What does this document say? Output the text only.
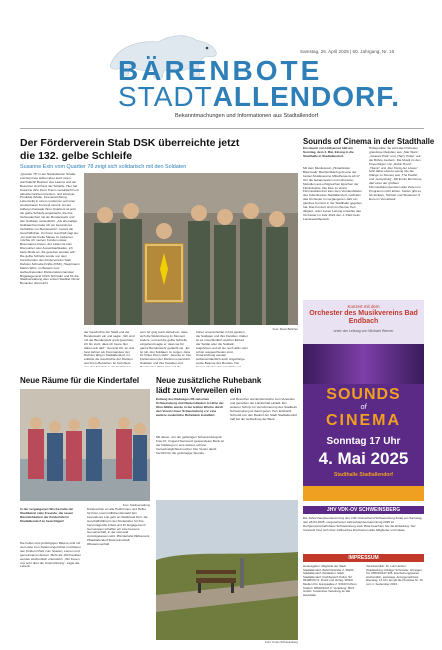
Samstag, 26. April 2025 | 60. Jahrgang, Nr. 16
BÄRENBOTE
STADTALLENDORF.
Bekanntmachungen und Informationen aus Stadtallendorf
Der Förderverein Stab DSK überreichte jetzt
die 132. gelbe Schleife
Susanne Exin vom Quartier 78 zeigt sich solidarisch mit den Soldaten
„Quartier 78“ in der Niederkleiner Straße erscheint wie außen aber auch innen, durchdacht! Besitzer des Ladens und der Besucher sind Fans der Schleife. Hier hat Susanne Zinn ihren Traum verwirklicht und aktuelle Fashion-Interieur- und Lifestyle-Produkte (Mode, Inneneinrichtung, Lebensstil) in einem modernen auf einer wunderbaren Konzept vereint. An der äußeren Fassade ihres Quartiers ist jetzt die gelbe Schleife angebracht, die ihre Verbundenheit mit der Bundeswehr und den Soldaten verdeutlicht. „Als ehemalige Soldatenfrau habe ich ein besonderes Verhältnis zur Bundeswehr“, betont die Geschäftsfrau. Zu ihrem Geschäft sagt sie: „An statt die breite Masse zu bedienen, möchte ich meinen Kunden etwas Besonderes bieten, der Laden ist kein Discounter oder Ausverkaufsladen, ich biete Mode an, die gesehen werden will.“ Die gelbe Schleife wurde von dem Vorsitzenden des Fördervereins Stab Division Schnelle Kräfte (DSK), Hauptmann Martin Würz, im Beisein vom stellvertretenden Divisionskommandeur Brigadegeneral Ulrich Schröder und für die Stadtverwaltung dem ersten Stadtrat Otmar Bonacker überreicht.
Foto: Klaus Böttcher
der Geschichte der Stadt und der Bundeswehr ein und sagte: „Wir sind mit der Bundeswehr groß geworden, ich bin stolz, dass ich heute hier dabei sein darf.“ General Olt, an und best Jahren als Kommandeur der Division tätig in Stadtallendorf, ist, erklärte die Geschichte der Division seit ihrem Bestehen. Er berichtete
sein. Er ging auch darauf ein, dass sich die Weltordnung im Moment ändere, und auf die gelbe Schleife eingehend sagte er, dass sie für ganze Bundeswehr gedacht sei. „Es ist toll, den Soldaten zu zeigen, dass ihr hinter ihnen steht“, betonte er. Der Förderverein der Division unterstützt Soldaten und ihre Familien und
hörter unverschuldet in Not geraten, die Soldaten und ihre Familien. Dabei ist es unverbindlich welcher Einheit der Soldat oder die Soldatin angehören und ob sie noch aktiv oder schon ausgeschieden sind. Unterstützung werden selbstverständlich auch Angehörige sowie Beamte des Bundes. Der
Sounds of Cinema in der Stadthalle
Ein Hauch von Hollywood hält am Sonntag, dem 4. Mai, Einzug in die Stadthalle in Stadtallendorf.
Mit dem Musikverein „Hinterländer Blasmusik“ Bad Endbach geht eine der besten Musikvereine Mittelhessens ab 17 Uhr die bekanntesten und schönsten Melodien aus erfolgreichen Epochen der Filmindustrie. Die Idee zu einem Filmmusikkonzert kam dem Vorstandsleiter des Kulturkreises Stadtallendorf, nachdem das Orchester im vergangenen Jahr ein gleiches Konzert in der Stadthalle gegeben hat. Das Konzert wird von Werner Keil dirigiert, unter seiner Leitung erreichte das Orchester im Jahr 2024 den 1. Platz beim Landeswettbewerb.
Höhepunkte. So wird das Orchester grandiose Melodien aus „Star Wars“, „Jurassic Park“ und „Harry Potter“ auf die Bühne zaubern. Die Musik zu den Kinoerfolgen von „Robin Hood“, „Titanic“ und „Der König der Löwen“ fehlt dabei ebenso wenig wie die Klänge zu Szenen aus „The Pacific“ und „Gettysburg“. Mit Ennio Morricone darf einer der größten Filmmusikkomponisten aller Zeiten im Programm nicht fehlen. Karten gibt es ab 19 Euro, Schüler und Studenten 9 Euro im Vorverkauf.
Konzert mit dem
Orchester des Musikvereins Bad Endbach
unter der Leitung von Michael Werner
SOUNDS
of
CINEMA
Sonntag 17 Uhr
4. Mai 2025
Stadthalle Stadtallendorf
Neue Räume für die Kindertafel
Foto: Stadtverwaltung
In der vergangenen Woche hatte der Stadtbeirat viele Freunde, die neuen Räumlichkeiten der Kindertafel in Stadtallendorf zu besichtigen!
Die hellen und großzügigen Räume sind mit viel Liebe zum Detail eingerichtet und bieten den Kindern Platz zum Spielen, Lernen und gemeinsamen Essen. Mehr als 100 Familien werden wöchentlich unterstützt. „Wir freuen uns sehr über die Unterstützung“, sagte die Leiterin.
Dankeschön an alle Helferinnen und Helfer für ihren unermüdlichen Einsatz! Ein besonderes Lob geht an Waldtraud Dorr, die Geschäftsführerin der Kindertafel, für ihre hervorragende Arbeit und ihr Engagement! Gemeinsam schaffen wir eine bessere Gemeinschaft, in der niemand zurückgelassen wird. #Kindertafel #Ehrenamt #Stadtallendorf #Gemeinschaft #Zusammenhalt
Neue zusätzliche Ruhebank
lädt zum Verweilen ein
Entlang des Radweges R6 zwischen Schweinsberg und Niederofleiden in Höhe der Ohm-Mühle wurde in der letzten Woche durch den Verein Unser Schweinsberg e.V. eine weitere zusätzliche Ruhebank installiert.
Mit dieser, von der gebürtigen Schweinsbergerin Frau Dr. Irmgard Steinmetz gespendeten Bank ist der Radweg um eine weitere schöne Verweilmöglichkeit reicher. Der Verein dankt herzlich für die großzügige Spende.
und Besucher wie Einheimische zum Verweilen und genießen der Landschaft einlädt. Ein weiterer Schritt zur Verschönerung des Stadtteils Schweinsberg ist damit getan. Herr Eckhardt Schmidt von den Bauhof der Stadt Stadtallendorf half bei der Aufstellung der Bank.
Foto: Unser Schweinsberg
JHV VDK-OV SCHWEINSBERG
Die Jahreshauptversammlung des VdK Ortsverband Schweinsberg findet am Samstag, den 26.04.2025, vorgesehenen Jahreshauptversammlung 2025 im Dorfgemeinschaftshaus Schweinsberg statt. Bitte beachten Sie die Einladung. Der Vorstand freut sich über zahlreiches Erscheinen aller Mitglieder und Gäste.
IMPRESSUM
Herausgeber: Magistrat der Stadt Stadtallendorf, Bahnhofstraße 2, 35260 Stadtallendorf. Redaktion: Stadt Stadtallendorf, Fachbereich Kultur, Tel. 06428/707-0. Druck und Verlag: Wittich Medien KG, Europaallee 2, 54343 Föhren. Telefon: 06502/9147-0. Verteilung: MVS GmbH. Kostenlose Verteilung an alle Haushalte.
Verantwortlich: Dr. Lutz Hecker. Objektleitung: Rüdiger Schneider. Anzeigen: Tel. 06502/9147-335. Erscheinungsweise: wöchentlich, samstags. Anzeigenschluss: Dienstag, 12 Uhr. Es gilt die Preisliste Nr. 16 vom 1. September 2023.
